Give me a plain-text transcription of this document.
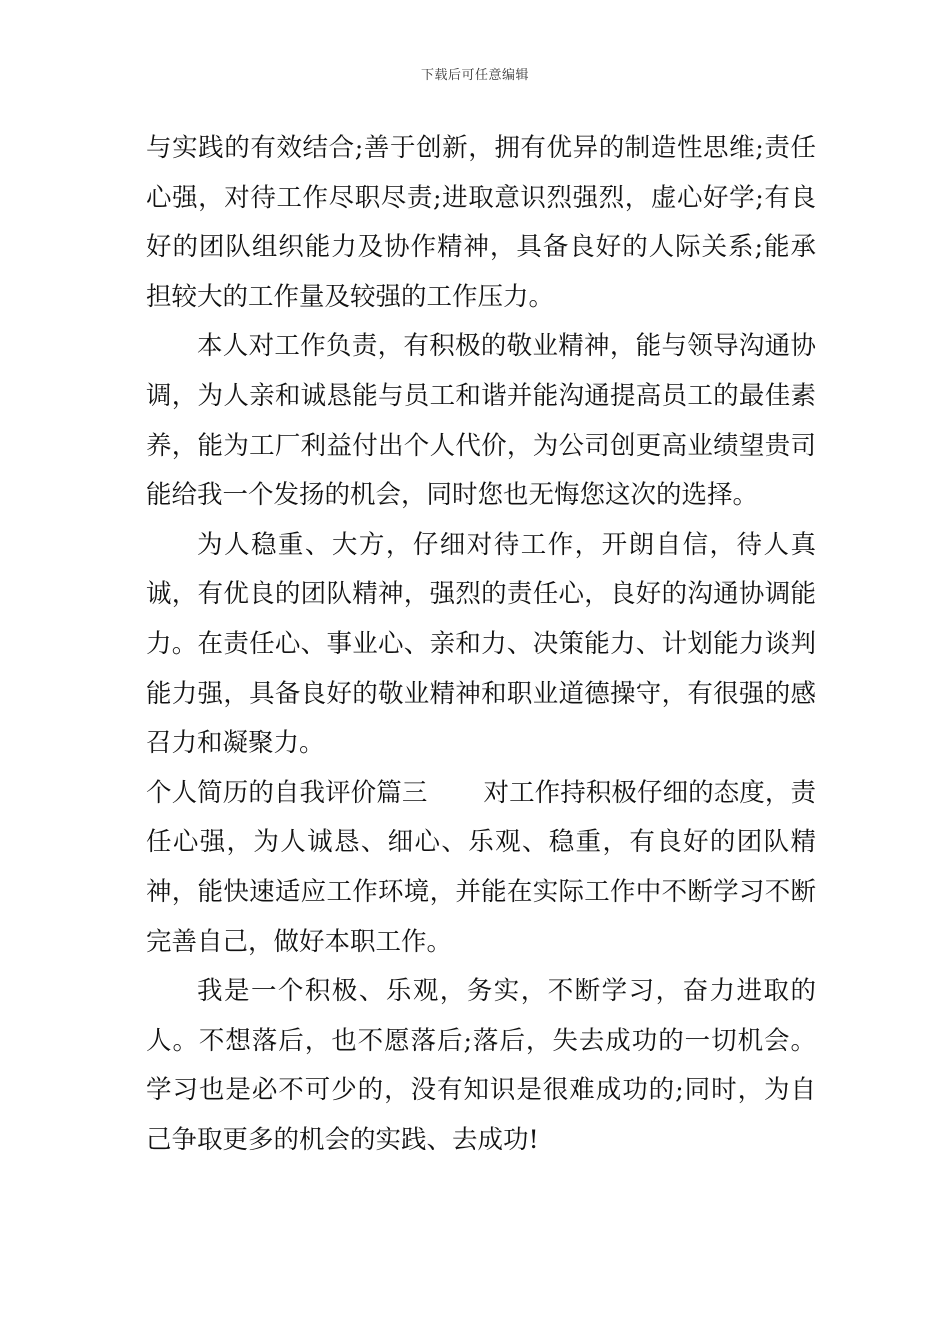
下载后可任意编辑

与实践的有效结合;善于创新，拥有优异的制造性思维;责任心强，对待工作尽职尽责;进取意识烈强烈，虚心好学;有良好的团队组织能力及协作精神，具备良好的人际关系;能承担较大的工作量及较强的工作压力。

本人对工作负责，有积极的敬业精神，能与领导沟通协调，为人亲和诚恳能与员工和谐并能沟通提高员工的最佳素养，能为工厂利益付出个人代价，为公司创更高业绩望贵司能给我一个发扬的机会，同时您也无悔您这次的选择。

为人稳重、大方，仔细对待工作，开朗自信，待人真诚，有优良的团队精神，强烈的责任心，良好的沟通协调能力。在责任心、事业心、亲和力、决策能力、计划能力谈判能力强，具备良好的敬业精神和职业道德操守，有很强的感召力和凝聚力。

个人简历的自我评价篇三 对工作持积极仔细的态度，责任心强，为人诚恳、细心、乐观、稳重，有良好的团队精神，能快速适应工作环境，并能在实际工作中不断学习不断完善自己，做好本职工作。

我是一个积极、乐观，务实，不断学习，奋力进取的人。不想落后，也不愿落后;落后，失去成功的一切机会。学习也是必不可少的，没有知识是很难成功的;同时，为自己争取更多的机会的实践、去成功!
